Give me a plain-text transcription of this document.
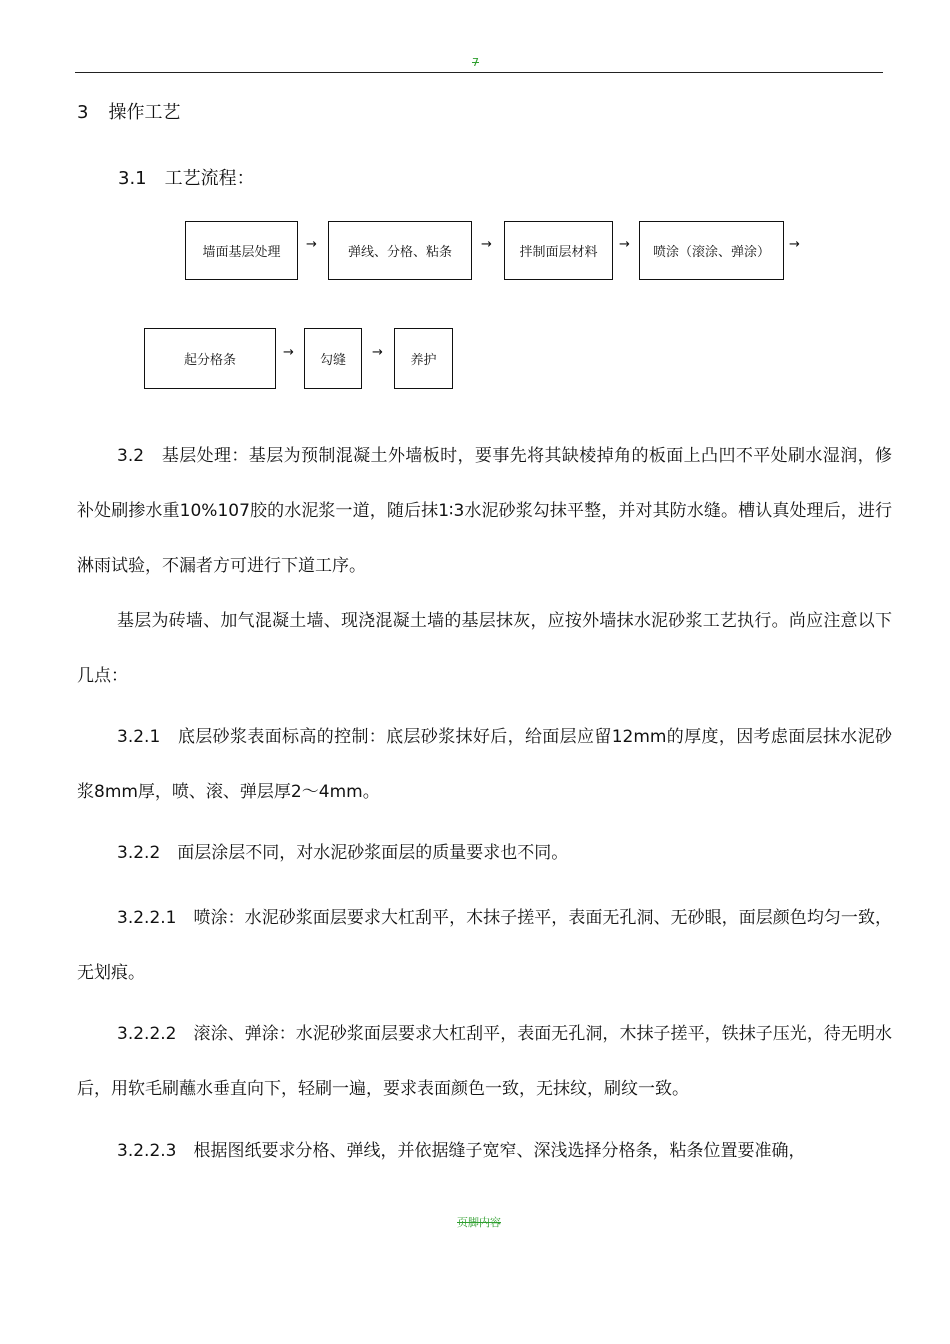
7
3 操作工艺
3.1 工艺流程：
墙面基层处理
→
弹线、分格、粘条
→
拌制面层材料
→
喷涂（滚涂、弹涂）
→
起分格条
→
勾缝
→
养护

3.2　基层处理：基层为预制混凝土外墙板时，要事先将其缺棱掉角的板面上凸凹不平处刷水湿润，修补处刷掺水重10%107胶的水泥浆一道，随后抹1∶3水泥砂浆勾抹平整，并对其防水缝。槽认真处理后，进行淋雨试验，不漏者方可进行下道工序。

基层为砖墙、加气混凝土墙、现浇混凝土墙的基层抹灰，应按外墙抹水泥砂浆工艺执行。尚应注意以下几点：

3.2.1　底层砂浆表面标高的控制：底层砂浆抹好后，给面层应留12mm的厚度，因考虑面层抹水泥砂浆8mm厚，喷、滚、弹层厚2～4mm。

3.2.2　面层涂层不同，对水泥砂浆面层的质量要求也不同。

3.2.2.1　喷涂：水泥砂浆面层要求大杠刮平，木抹子搓平，表面无孔洞、无砂眼，面层颜色均匀一致，无划痕。

3.2.2.2　滚涂、弹涂：水泥砂浆面层要求大杠刮平，表面无孔洞，木抹子搓平，铁抹子压光，待无明水后，用软毛刷蘸水垂直向下，轻刷一遍，要求表面颜色一致，无抹纹，刷纹一致。

3.2.2.3　根据图纸要求分格、弹线，并依据缝子宽窄、深浅选择分格条，粘条位置要准确，

页脚内容
